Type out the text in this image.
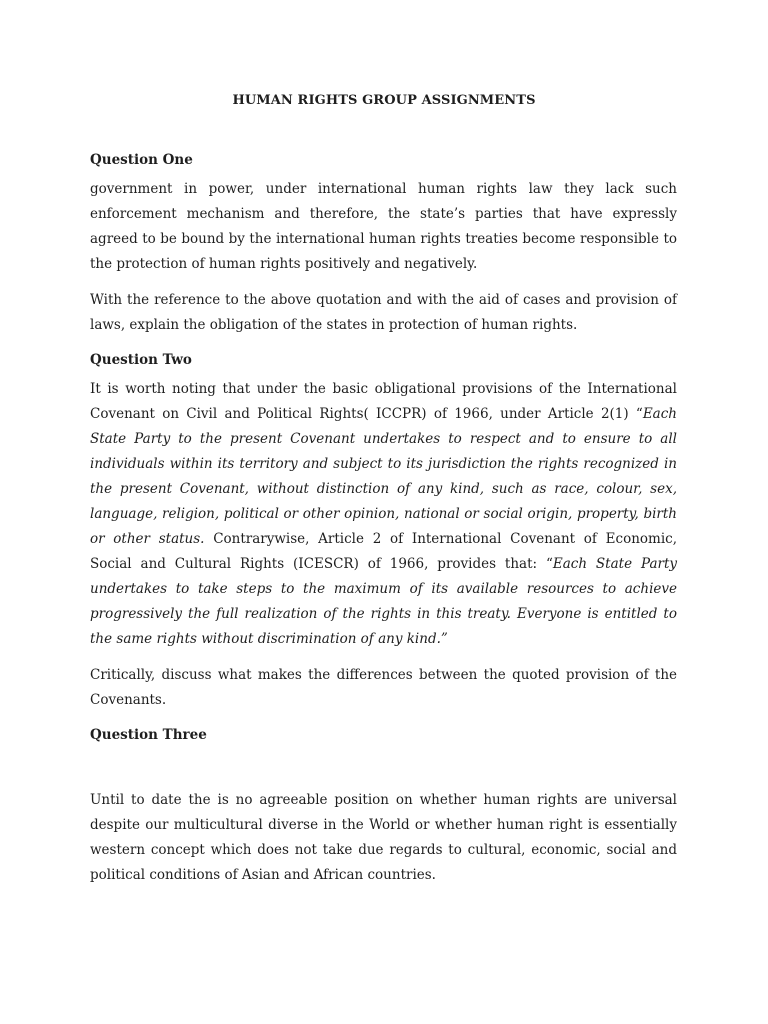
HUMAN RIGHTS GROUP ASSIGNMENTS
Question One

government in power, under international human rights law they lack such enforcement mechanism and therefore, the state’s parties that have expressly agreed to be bound by the international human rights treaties become responsible to the protection of human rights positively and negatively.

With the reference to the above quotation and with the aid of cases and provision of laws, explain the obligation of the states in protection of human rights.

Question Two

It is worth noting that under the basic obligational provisions of the International Covenant on Civil and Political Rights( ICCPR) of 1966, under Article 2(1) “Each State Party to the present Covenant undertakes to respect and to ensure to all individuals within its territory and subject to its jurisdiction the rights recognized in the present Covenant, without distinction of any kind, such as race, colour, sex, language, religion, political or other opinion, national or social origin, property, birth or other status. Contrarywise, Article 2 of International Covenant of Economic, Social and Cultural Rights (ICESCR) of 1966, provides that: “Each State Party undertakes to take steps to the maximum of its available resources to achieve progressively the full realization of the rights in this treaty. Everyone is entitled to the same rights without discrimination of any kind.”

Critically, discuss what makes the differences between the quoted provision of the Covenants.

Question Three

Until to date the is no agreeable position on whether human rights are universal despite our multicultural diverse in the World or whether human right is essentially western concept which does not take due regards to cultural, economic, social and political conditions of Asian and African countries.
